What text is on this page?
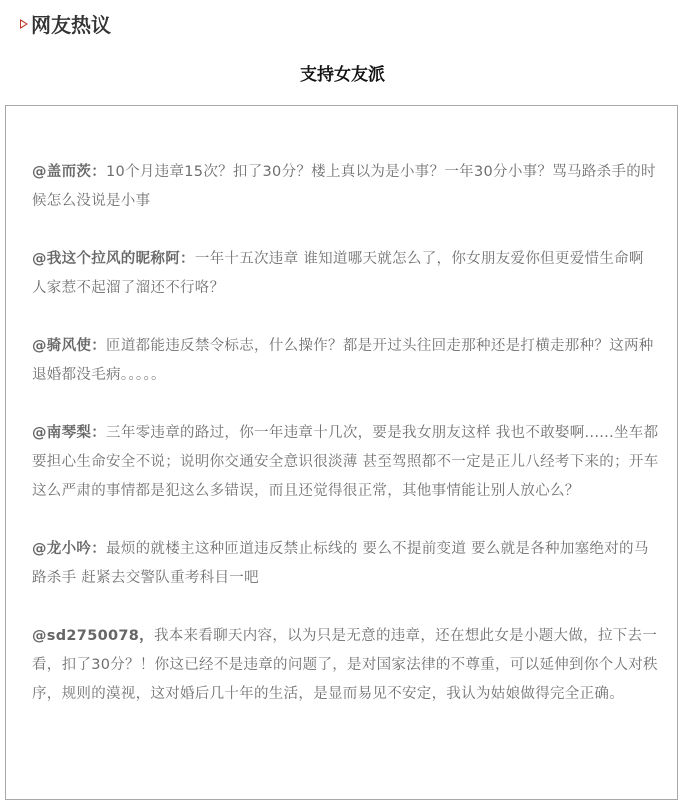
网友热议
支持女友派

@盖而茨：10个月违章15次？扣了30分？楼上真以为是小事？一年30分小事？骂马路杀手的时候怎么没说是小事

@我这个拉风的昵称阿：一年十五次违章 谁知道哪天就怎么了，你女朋友爱你但更爱惜生命啊 人家惹不起溜了溜还不行咯？

@骑风使：匝道都能违反禁令标志，什么操作？都是开过头往回走那种还是打横走那种？这两种退婚都没毛病。。。。。

@南琴梨：三年零违章的路过，你一年违章十几次，要是我女朋友这样 我也不敢娶啊......坐车都要担心生命安全不说；说明你交通安全意识很淡薄 甚至驾照都不一定是正儿八经考下来的；开车这么严肃的事情都是犯这么多错误，而且还觉得很正常，其他事情能让别人放心么？

@龙小吟：最烦的就楼主这种匝道违反禁止标线的 要么不提前变道 要么就是各种加塞绝对的马路杀手 赶紧去交警队重考科目一吧

@sd2750078，我本来看聊天内容，以为只是无意的违章，还在想此女是小题大做，拉下去一看，扣了30分？！你这已经不是违章的问题了，是对国家法律的不尊重，可以延伸到你个人对秩序，规则的漠视，这对婚后几十年的生活，是显而易见不安定，我认为姑娘做得完全正确。
